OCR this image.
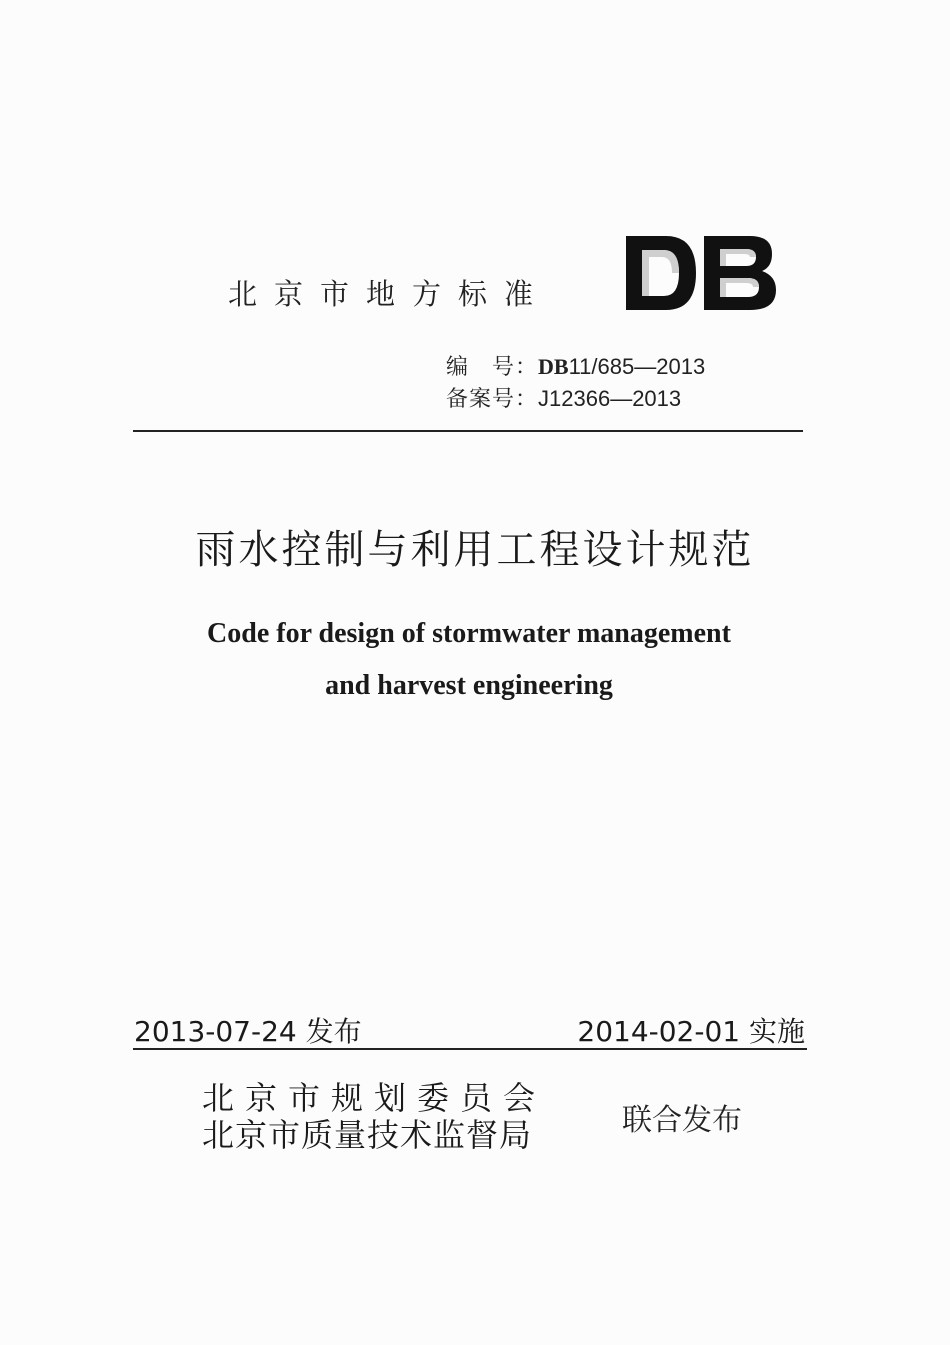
北京市地方标准
编　号：DB11/685—2013
备案号：J12366—2013
雨水控制与利用工程设计规范
Code for design of stormwater management
and harvest engineering
2013-07-24 发布	2014-02-01 实施
北京市规划委员会
北京市质量技术监督局	联合发布
